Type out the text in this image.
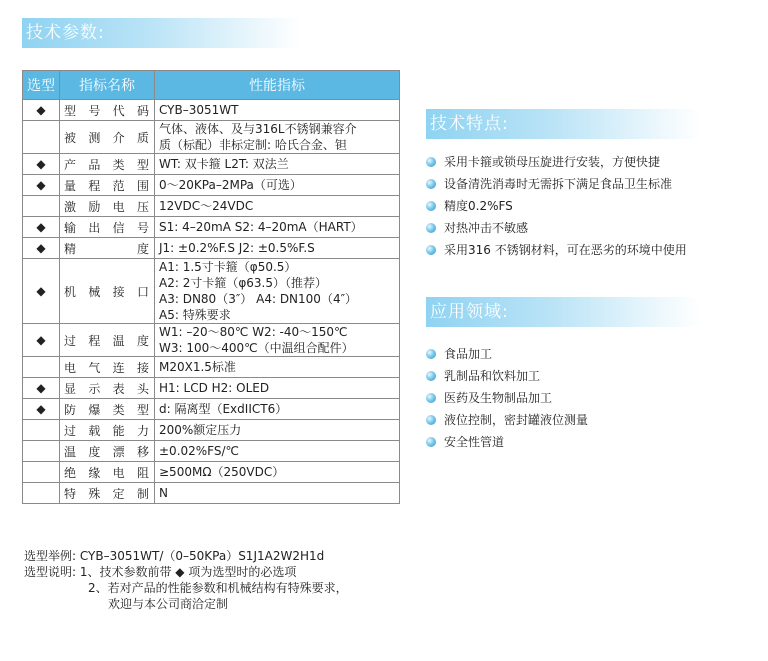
技术参数:
选型	指标名称	性能指标
◆	型号代码	CYB–3051WT

	被测介质	气体、液体、及与316L不锈钢兼容介
质（标配）非标定制: 哈氏合金、钽

◆	产品类型	WT: 双卡箍 L2T: 双法兰

◆	量程范围	0～20KPa–2MPa（可选）

	激励电压	12VDC～24VDC

◆	输出信号	S1: 4–20mA S2: 4–20mA（HART）

◆	精度	J1: ±0.2%F.S J2: ±0.5%F.S

◆	机械接口	A1: 1.5寸卡箍（φ50.5）
A2: 2寸卡箍（φ63.5）（推荐）
A3: DN80（3″） A4: DN100（4″）
A5: 特殊要求

◆	过程温度	W1: –20～80℃ W2: -40～150℃
W3: 100～400℃（中温组合配件）

	电气连接	M20X1.5标准

◆	显示表头	H1: LCD H2: OLED

◆	防爆类型	d: 隔离型（ExdIICT6）

	过载能力	200%额定压力

	温度漂移	±0.02%FS/℃

	绝缘电阻	≥500MΩ（250VDC）

	特殊定制	N
选型举例: CYB–3051WT/（0–50KPa）S1J1A2W2H1d
选型说明: 1、技术参数前带 ◆ 项为选型时的必选项
2、若对产品的性能参数和机械结构有特殊要求，
欢迎与本公司商洽定制
技术特点:
采用卡箍或锁母压旋进行安装，方便快捷
设备清洗消毒时无需拆下满足食品卫生标准
精度0.2%FS
对热冲击不敏感
采用316 不锈钢材料，可在恶劣的环境中使用
应用领域:
食品加工
乳制品和饮料加工
医药及生物制品加工
液位控制，密封罐液位测量
安全性管道
